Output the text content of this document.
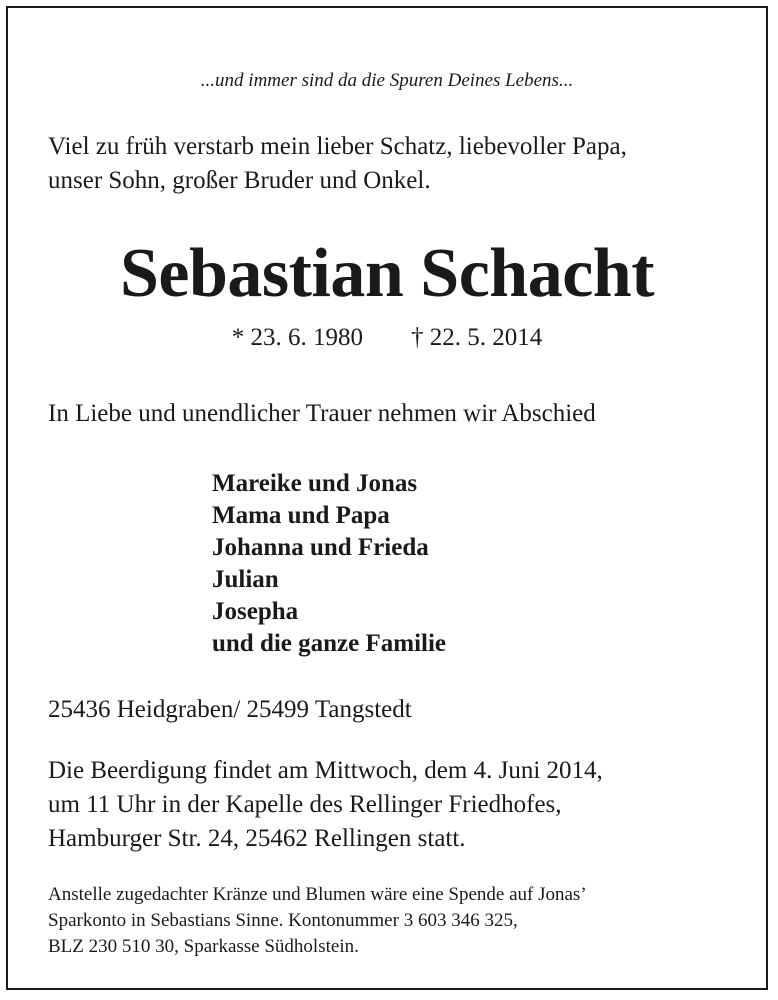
...und immer sind da die Spuren Deines Lebens...
Viel zu früh verstarb mein lieber Schatz, liebevoller Papa,
unser Sohn, großer Bruder und Onkel.
Sebastian Schacht
* 23. 6. 1980 † 22. 5. 2014
In Liebe und unendlicher Trauer nehmen wir Abschied
Mareike und Jonas
Mama und Papa
Johanna und Frieda
Julian
Josepha
und die ganze Familie
25436 Heidgraben/ 25499 Tangstedt
Die Beerdigung findet am Mittwoch, dem 4. Juni 2014,
um 11 Uhr in der Kapelle des Rellinger Friedhofes,
Hamburger Str. 24, 25462 Rellingen statt.
Anstelle zugedachter Kränze und Blumen wäre eine Spende auf Jonas’
Sparkonto in Sebastians Sinne. Kontonummer 3 603 346 325,
BLZ 230 510 30, Sparkasse Südholstein.
